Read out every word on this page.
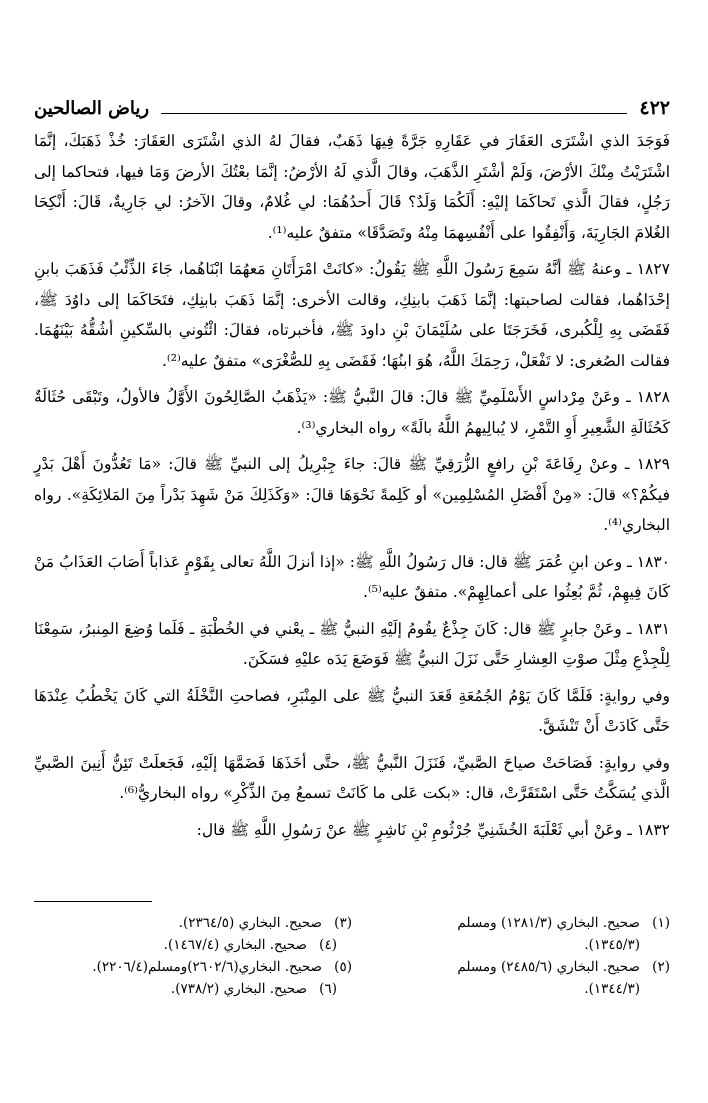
٤٢٢
رياض الصالحين

فَوَجَدَ الذي اشْتَرَى العَقَارَ في عَقَارِهِ جَرَّةً فِيهَا ذَهَبٌ، فقالَ لهُ الذي اشْتَرَى العَقَارَ: خُذْ ذَهَبَكَ، إنَّمَا اشْتَرَيْتُ مِنْكَ الأرْضَ، وَلَمْ أشْتَرِ الذَّهَبَ، وقالَ الَّذي لَهُ الأرْضُ: إنَّمَا بعْتُكَ الأرضَ وَمَا فيها، فتحاكما إلى رَجُلٍ، فقالَ الَّذي تَحاكَمَا إليْهِ: أَلَكُمَا وَلَدٌ؟ قَالَ أَحدُهُمَا: لي غُلامٌ، وقالَ الآخرُ: لي جَارِيةٌ، قَالَ: أَنْكِحَا الغُلامَ الجَارِيَةَ، وَأَنْفِقُوا على أَنْفُسِهمَا مِنْهُ وتَصَدَّقَا» متفقٌ عليه⁽¹⁾.

١٨٢٧ ـ وعنهُ ﷺ أنَّهُ سَمِعَ رَسُولَ اللَّهِ ﷺ يَقُولُ: «كانَتْ امْرَأَتَانِ مَعهُمَا ابْنَاهُما، جَاءَ الذِّئْبُ فَذَهَبَ بابنِ إحْدَاهُما، فقالت لصاحبتها: إنَّمَا ذَهَبَ بابنِكِ، وقالت الأخرى: إنَّمَا ذَهَبَ بابنِكِ، فتَحَاكَمَا إلى داوُدَ ﷺ، فَقَضَى بِهِ لِلْكُبرى، فَخَرَجَتَا على سُلَيْمَانَ بْنِ داودَ ﷺ، فأخبرتاه، فقالَ: ائْتُوني بالسِّكينِ أشُقُّهُ بَيْنَهُمَا. فقالت الصُغرى: لا تَفْعَلْ، رَحِمَكَ اللَّهُ، هُوَ ابنُهَا؛ فَقَضَى بِهِ للصُّغْرَى» متفقٌ عليه⁽²⁾.

١٨٢٨ ـ وعَنْ مِرْداسٍ الأَسْلَمِيِّ ﷺ قالَ: قالَ النَّبيُّ ﷺ: «يَذْهَبُ الصَّالِحُونَ الأَوَّلُ فالأولُ، وتَبْقَى حُثَالَةٌ كَحُثَالَةِ الشَّعِيرِ أَوِ التَّمْرِ، لا يُبالِيهمُ اللَّهُ بالَةً» رواه البخاري⁽³⁾.

١٨٢٩ ـ وعنْ رِفَاعَةَ بْنِ رافعٍ الزُّرَقِيِّ ﷺ قالَ: جاءَ جِبْرِيلُ إلى النبيِّ ﷺ قالَ: «مَا تَعُدُّونَ أَهْلَ بَدْرٍ فيكُمْ؟» قالَ: «مِنْ أَفْضَلِ المُسْلِمِين» أو كَلِمةً نَحْوَهَا قالَ: «وَكَذَلِكَ مَنْ شَهِدَ بَدْراً مِنَ المَلائِكَةِ». رواه البخاري⁽⁴⁾.

١٨٣٠ ـ وعن ابنِ عُمَرَ ﷺ قال: قال رَسُولُ اللَّهِ ﷺ: «إذا أنزلَ اللَّهُ تعالى بِقَوْمٍ عَذاباً أَصَابَ العَذَابُ مَنْ كَانَ فِيهِمْ، ثُمَّ بُعِثُوا على أعمالِهِمْ». متفقٌ عليه⁽⁵⁾.

١٨٣١ ـ وعَنْ جابرٍ ﷺ قال: كَانَ جِذْعٌ يقُومُ إلَيْهِ النبيُّ ﷺ ـ يعْني في الخُطْبَةِ ـ فَلَما وُضِعَ المِنبرُ، سَمِعْنَا لِلْجِذْعِ مِثْلَ صوْتِ العِشارِ حَتَّى نَزَلَ النبيُّ ﷺ فَوَضَعَ يَدَه عليْهِ فسَكَنَ.

وفي روايةٍ: فَلَمَّا كَانَ يَوْمُ الجُمُعَةِ قَعَدَ النبيُّ ﷺ على المِنْبَرِ، فصاحتِ النَّخْلَةُ التي كَانَ يَخْطُبُ عِنْدَهَا حَتَّى كَادَتْ أَنْ تَنْشَقَّ.

وفي روايةٍ: فَصَاحَتْ صياحَ الصَّبيِّ، فَنَزَلَ النَّبيُّ ﷺ، حتَّى أخَذَهَا فَضَمَّهَا إلَيْهِ، فَجَعلَتْ تَئِنُّ أَنِينَ الصَّبيِّ الَّذي يُسَكَّتُ حَتَّى اسْتَقَرَّتْ، قال: «بكت عَلى ما كَانَتْ تسمعُ مِنَ الذِّكْرِ» رواه البخاريُّ⁽⁶⁾.

١٨٣٢ ـ وعَنْ أبي ثَعْلَبَةَ الخُشَنِيِّ جُرْثُومِ بْنِ نَاشِرٍ ﷺ عنْ رَسُولِ اللَّهِ ﷺ قال:

(١)
صحيح. البخاري (١٢٨١/٣) ومسلم
(٣)
صحيح. البخاري (٢٣٦٤/٥).
(١٣٤٥/٣).
(٤)
صحيح. البخاري (١٤٦٧/٤).
(٢)
صحيح. البخاري (٢٤٨٥/٦) ومسلم
(٥)
صحيح. البخاري(٢٦٠٢/٦)ومسلم(٢٢٠٦/٤).
(١٣٤٤/٣).
(٦)
صحيح. البخاري (٧٣٨/٢).
